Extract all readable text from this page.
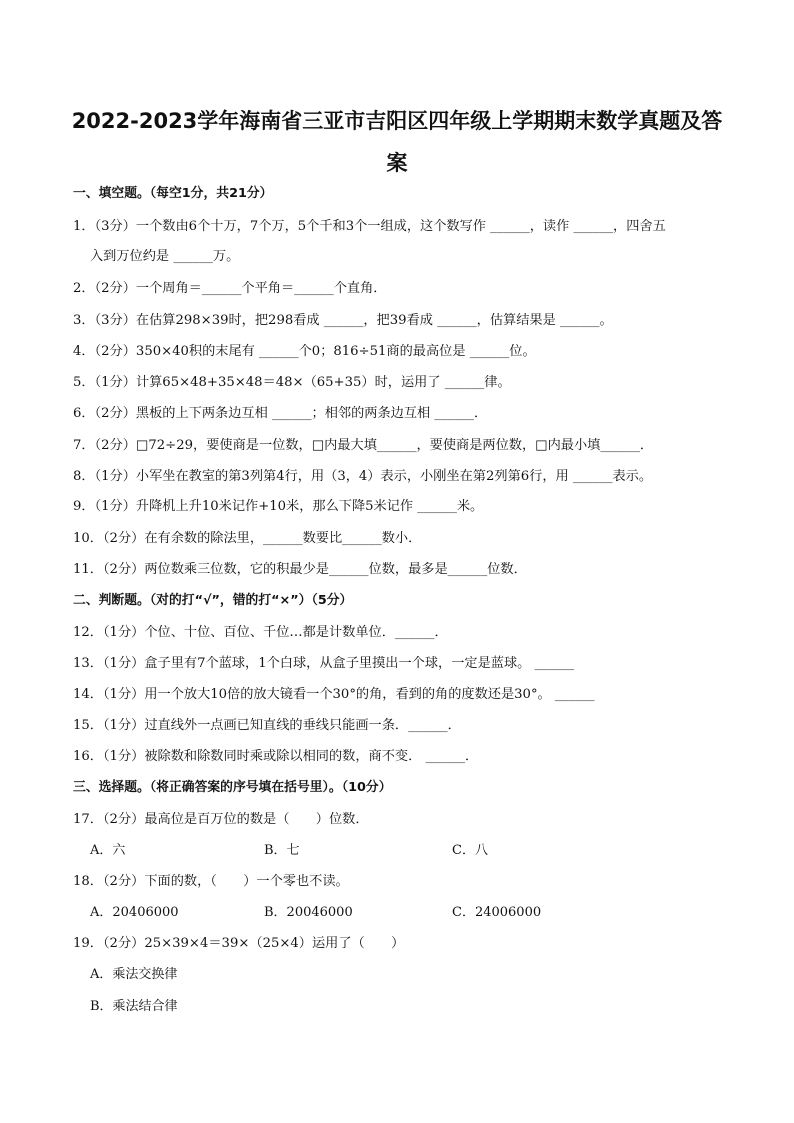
2022-2023学年海南省三亚市吉阳区四年级上学期期末数学真题及答
案
一、填空题。（每空1分，共21分）
1．（3分）一个数由6个十万，7个万，5个千和3个一组成，这个数写作 ______，读作 ______，四舍五
入到万位约是 ______万。
2．（2分）一个周角＝______个平角＝______个直角．
3．（3分）在估算298×39时，把298看成 ______，把39看成 ______，估算结果是 ______。
4．（2分）350×40积的末尾有 ______个0；816÷51商的最高位是 ______位。
5．（1分）计算65×48+35×48＝48×（65+35）时，运用了 ______律。
6．（2分）黑板的上下两条边互相 ______；相邻的两条边互相 ______．
7．（2分）□72÷29，要使商是一位数，□内最大填______，要使商是两位数，□内最小填______．
8．（1分）小军坐在教室的第3列第4行，用（3，4）表示，小刚坐在第2列第6行，用 ______表示。
9．（1分）升降机上升10米记作+10米，那么下降5米记作 ______米。
10．（2分）在有余数的除法里，______数要比______数小．
11．（2分）两位数乘三位数，它的积最少是______位数，最多是______位数．
二、判断题。（对的打“√”，错的打“×”）（5分）
12．（1分）个位、十位、百位、千位…都是计数单位．______．
13．（1分）盒子里有7个蓝球，1个白球，从盒子里摸出一个球，一定是蓝球。 ______
14．（1分）用一个放大10倍的放大镜看一个30°的角，看到的角的度数还是30°。 ______
15．（1分）过直线外一点画已知直线的垂线只能画一条．______．
16．（1分）被除数和除数同时乘或除以相同的数，商不变． ______．
三、选择题。（将正确答案的序号填在括号里）。（10分）
17．（2分）最高位是百万位的数是（　　）位数．
A．六	B．七	C．八
18．（2分）下面的数，（　　）一个零也不读。
A．20406000	B．20046000	C．24006000
19．（2分）25×39×4＝39×（25×4）运用了（　　）
A．乘法交换律
B．乘法结合律
